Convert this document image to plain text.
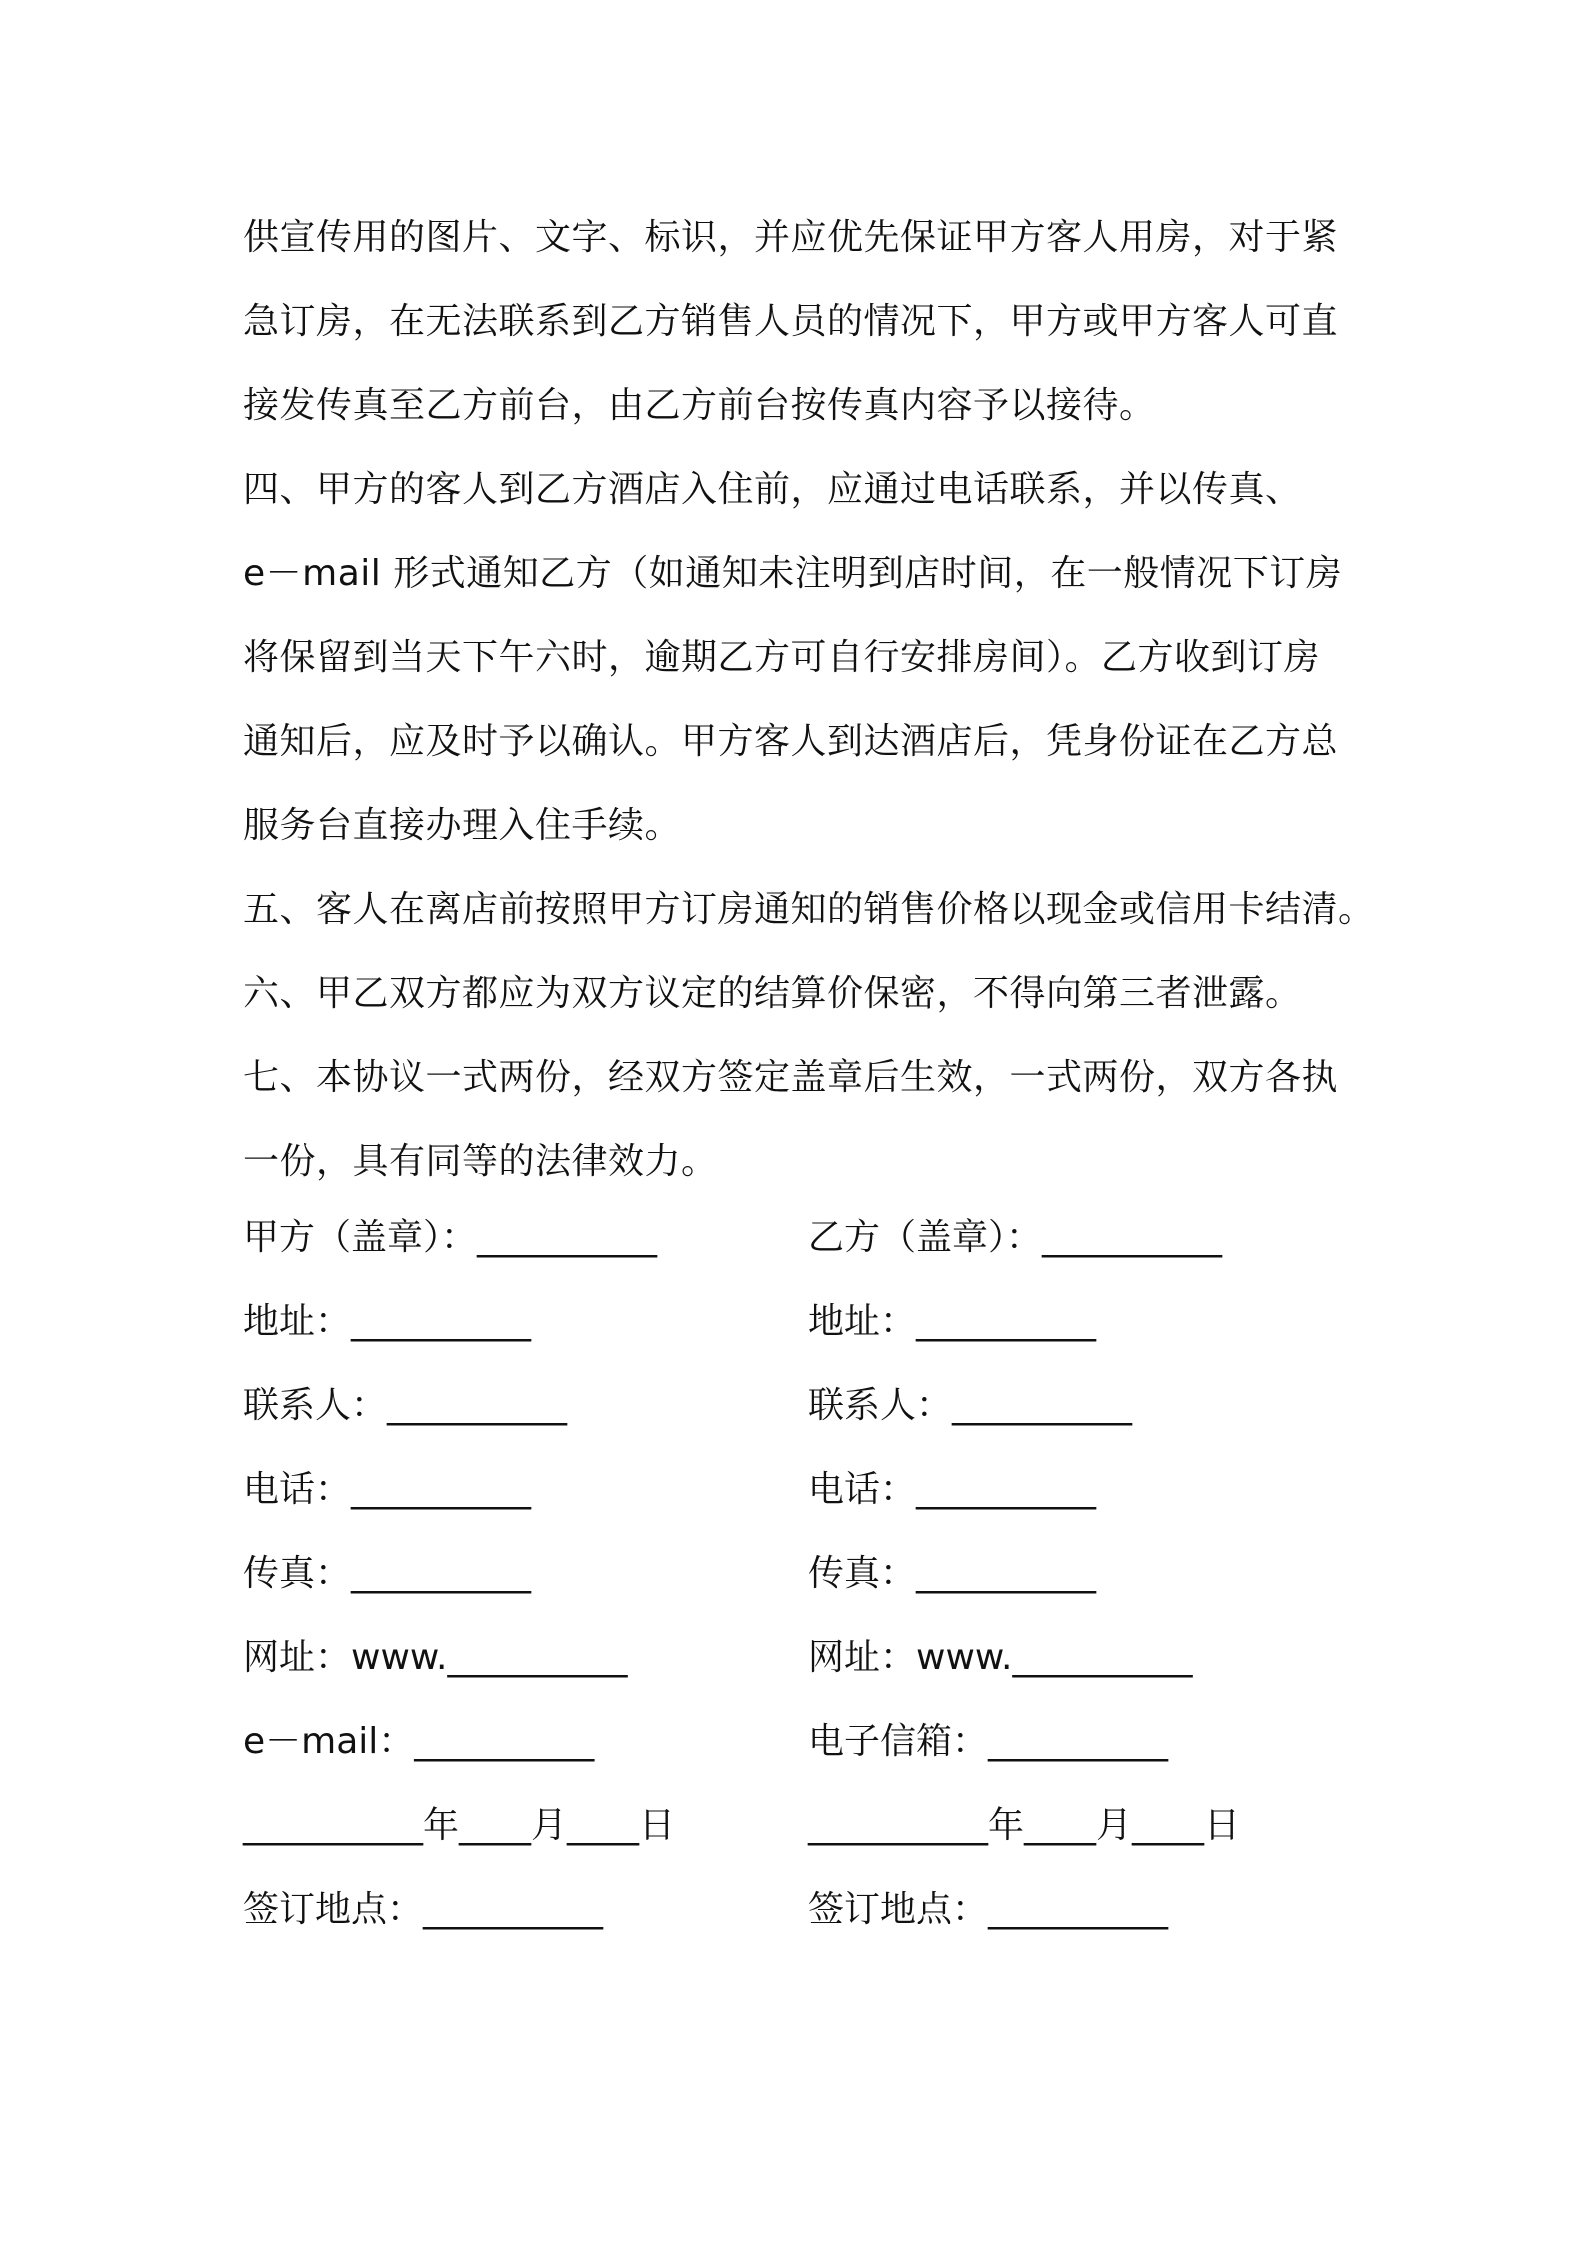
供宣传用的图片、文字、标识，并应优先保证甲方客人用房，对于紧
急订房，在无法联系到乙方销售人员的情况下，甲方或甲方客人可直
接发传真至乙方前台，由乙方前台按传真内容予以接待。
四、甲方的客人到乙方酒店入住前，应通过电话联系，并以传真、
e－mail 形式通知乙方（如通知未注明到店时间，在一般情况下订房
将保留到当天下午六时，逾期乙方可自行安排房间）。乙方收到订房
通知后，应及时予以确认。甲方客人到达酒店后，凭身份证在乙方总
服务台直接办理入住手续。
五、客人在离店前按照甲方订房通知的销售价格以现金或信用卡结清。
六、甲乙双方都应为双方议定的结算价保密，不得向第三者泄露。
七、本协议一式两份，经双方签定盖章后生效，一式两份，双方各执
一份，具有同等的法律效力。
甲方（盖章）：__________	乙方（盖章）：__________
地址：__________	地址：__________
联系人：__________	联系人：__________
电话：__________	电话：__________
传真：__________	传真：__________
网址：www.__________	网址：www.__________
e－mail：__________	电子信箱：__________
__________年____月____日	__________年____月____日
签订地点：__________	签订地点：__________
